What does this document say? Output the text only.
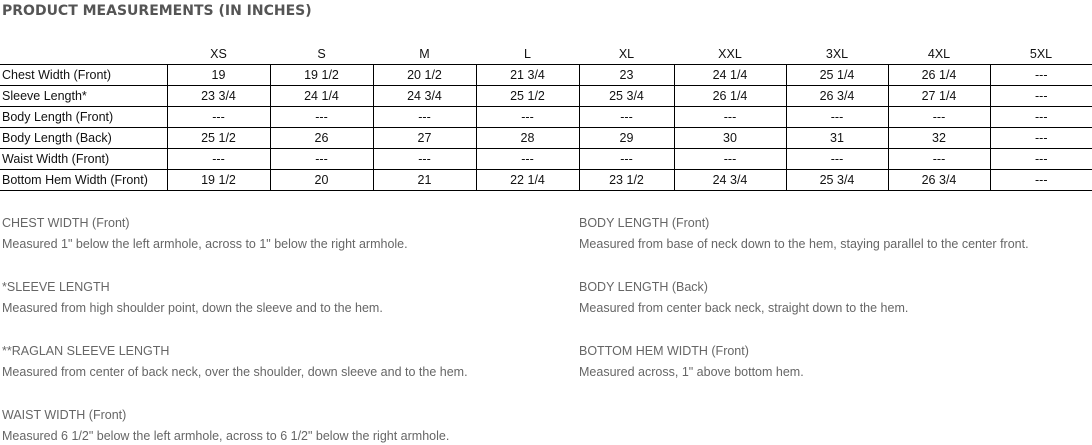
PRODUCT MEASUREMENTS (IN INCHES)
	XS	S	M	L	XL	XXL	3XL	4XL	5XL
Chest Width (Front)	19	19 1/2	20 1/2	21 3/4	23	24 1/4	25 1/4	26 1/4	---
Sleeve Length*	23 3/4	24 1/4	24 3/4	25 1/2	25 3/4	26 1/4	26 3/4	27 1/4	---
Body Length (Front)	---	---	---	---	---	---	---	---	---
Body Length (Back)	25 1/2	26	27	28	29	30	31	32	---
Waist Width (Front)	---	---	---	---	---	---	---	---	---
Bottom Hem Width (Front)	19 1/2	20	21	22 1/4	23 1/2	24 3/4	25 3/4	26 3/4	---
CHEST WIDTH (Front)
Measured 1" below the left armhole, across to 1" below the right armhole.
*SLEEVE LENGTH
Measured from high shoulder point, down the sleeve and to the hem.
**RAGLAN SLEEVE LENGTH
Measured from center of back neck, over the shoulder, down sleeve and to the hem.
WAIST WIDTH (Front)
Measured 6 1/2" below the left armhole, across to 6 1/2" below the right armhole.
BODY LENGTH (Front)
Measured from base of neck down to the hem, staying parallel to the center front.
BODY LENGTH (Back)
Measured from center back neck, straight down to the hem.
BOTTOM HEM WIDTH (Front)
Measured across, 1" above bottom hem.
